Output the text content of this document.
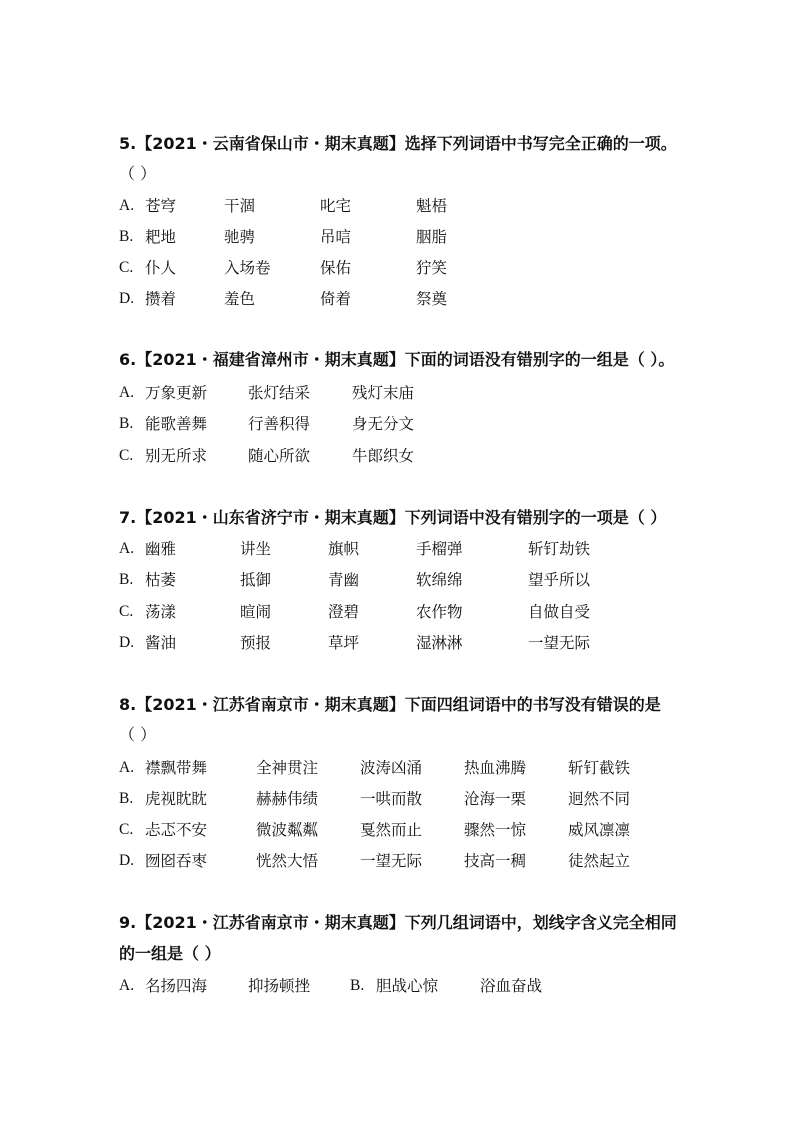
5.【2021・云南省保山市・期末真题】选择下列词语中书写完全正确的一项。
（ ）
A. 苍穹	干涸	叱宅	魁梧
B. 耙地	驰骋	吊唁	胭脂
C. 仆人	入场卷	保佑	狞笑
D. 攒着	羞色	倚着	祭奠
6.【2021・福建省漳州市・期末真题】下面的词语没有错别字的一组是（ ）。
A. 万象更新	张灯结采	残灯末庙
B. 能歌善舞	行善积得	身无分文
C. 别无所求	随心所欲	牛郎织女
7.【2021・山东省济宁市・期末真题】下列词语中没有错别字的一项是（ ）
A. 幽雅	讲坐	旗帜	手榴弹	斩钉劫铁
B. 枯萎	抵御	青幽	软绵绵	望乎所以
C. 荡漾	暄闹	澄碧	农作物	自做自受
D. 酱油	预报	草坪	湿淋淋	一望无际
8.【2021・江苏省南京市・期末真题】下面四组词语中的书写没有错误的是
（ ）
A. 襟飘带舞	全神贯注	波涛凶涌	热血沸腾	斩钉截铁
B. 虎视眈眈	赫赫伟绩	一哄而散	沧海一栗	迥然不同
C. 忐忑不安	微波粼粼	戛然而止	骤然一惊	威风凛凛
D. 囫囵吞枣	恍然大悟	一望无际	技高一稠	徒然起立
9.【2021・江苏省南京市・期末真题】下列几组词语中，划线字含义完全相同
的一组是（ ）
A. 名扬四海	抑扬顿挫	B. 胆战心惊	浴血奋战
